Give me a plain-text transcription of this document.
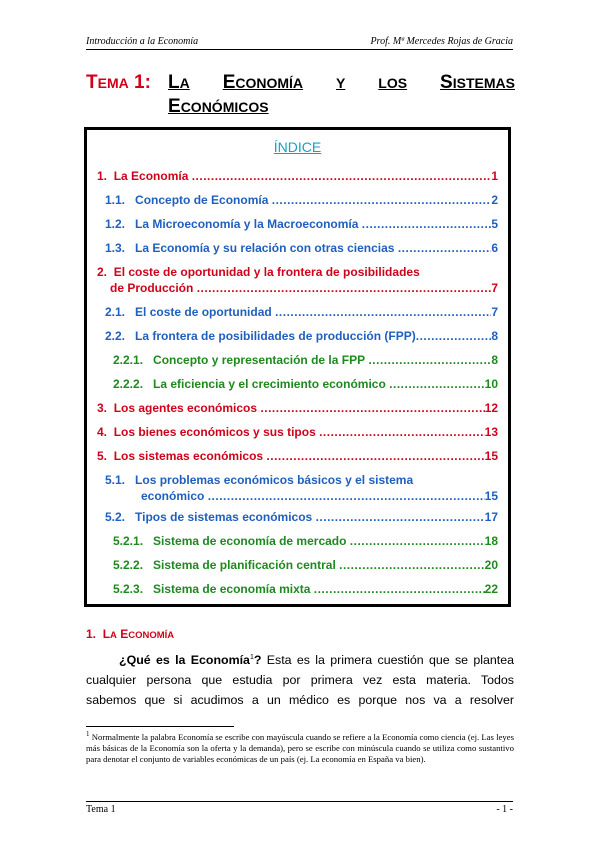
Introducción a la Economía	Prof. Mª Mercedes Rojas de Gracia
TEMA 1: LA ECONOMÍA Y LOS SISTEMAS
ECONÓMICOS
ÍNDICE
1. La Economía .....	1
1.1. Concepto de Economía .....	2
1.2. La Microeconomía y la Macroeconomía .....	5
1.3. La Economía y su relación con otras ciencias .....	6
2. El coste de oportunidad y la frontera de posibilidades
de Producción .....	7
2.1. El coste de oportunidad .....	7
2.2. La frontera de posibilidades de producción (FPP) .....	8
2.2.1. Concepto y representación de la FPP .....	8
2.2.2. La eficiencia y el crecimiento económico .....	10
3. Los agentes económicos .....	12
4. Los bienes económicos y sus tipos .....	13
5. Los sistemas económicos .....	15
5.1. Los problemas económicos básicos y el sistema
económico .....	15
5.2. Tipos de sistemas económicos .....	17
5.2.1. Sistema de economía de mercado .....	18
5.2.2. Sistema de planificación central .....	20
5.2.3. Sistema de economía mixta .....	22
1. LA ECONOMÍA
¿Qué es la Economía$^1$? Esta es la primera cuestión que se plantea
cualquier persona que estudia por primera vez esta materia. Todos
sabemos que si acudimos a un médico es porque nos va a resolver
$^1$ Normalmente la palabra Economía se escribe con mayúscula cuando se refiere a la Economía como ciencia (ej. Las leyes más básicas de la Economía son la oferta y la demanda), pero se escribe con minúscula cuando se utiliza como sustantivo para denotar el conjunto de variables económicas de un país (ej. La economía en España va bien).
Tema 1	- 1 -
